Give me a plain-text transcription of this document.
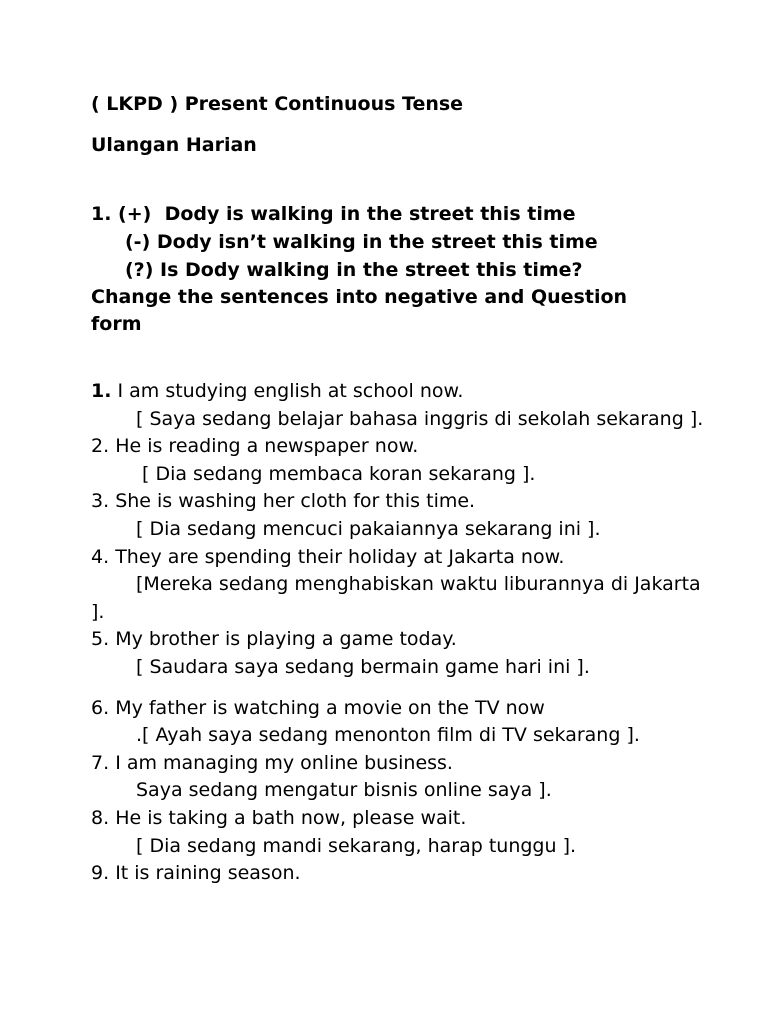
( LKPD ) Present Continuous Tense

Ulangan Harian

1. (+)  Dody is walking in the street this time
(-) Dody isn’t walking in the street this time
(?) Is Dody walking in the street this time?
Change the sentences into negative and Question form
1. I am studying english at school now.
[ Saya sedang belajar bahasa inggris di sekolah sekarang ].
2. He is reading a newspaper now.
[ Dia sedang membaca koran sekarang ].
3. She is washing her cloth for this time.
[ Dia sedang mencuci pakaiannya sekarang ini ].
4. They are spending their holiday at Jakarta now.
[Mereka sedang menghabiskan waktu liburannya di Jakarta ].
5. My brother is playing a game today.
[ Saudara saya sedang bermain game hari ini ].
6. My father is watching a movie on the TV now
.[ Ayah saya sedang menonton film di TV sekarang ].
7. I am managing my online business.
Saya sedang mengatur bisnis online saya ].
8. He is taking a bath now, please wait.
[ Dia sedang mandi sekarang, harap tunggu ].
9. It is raining season.
